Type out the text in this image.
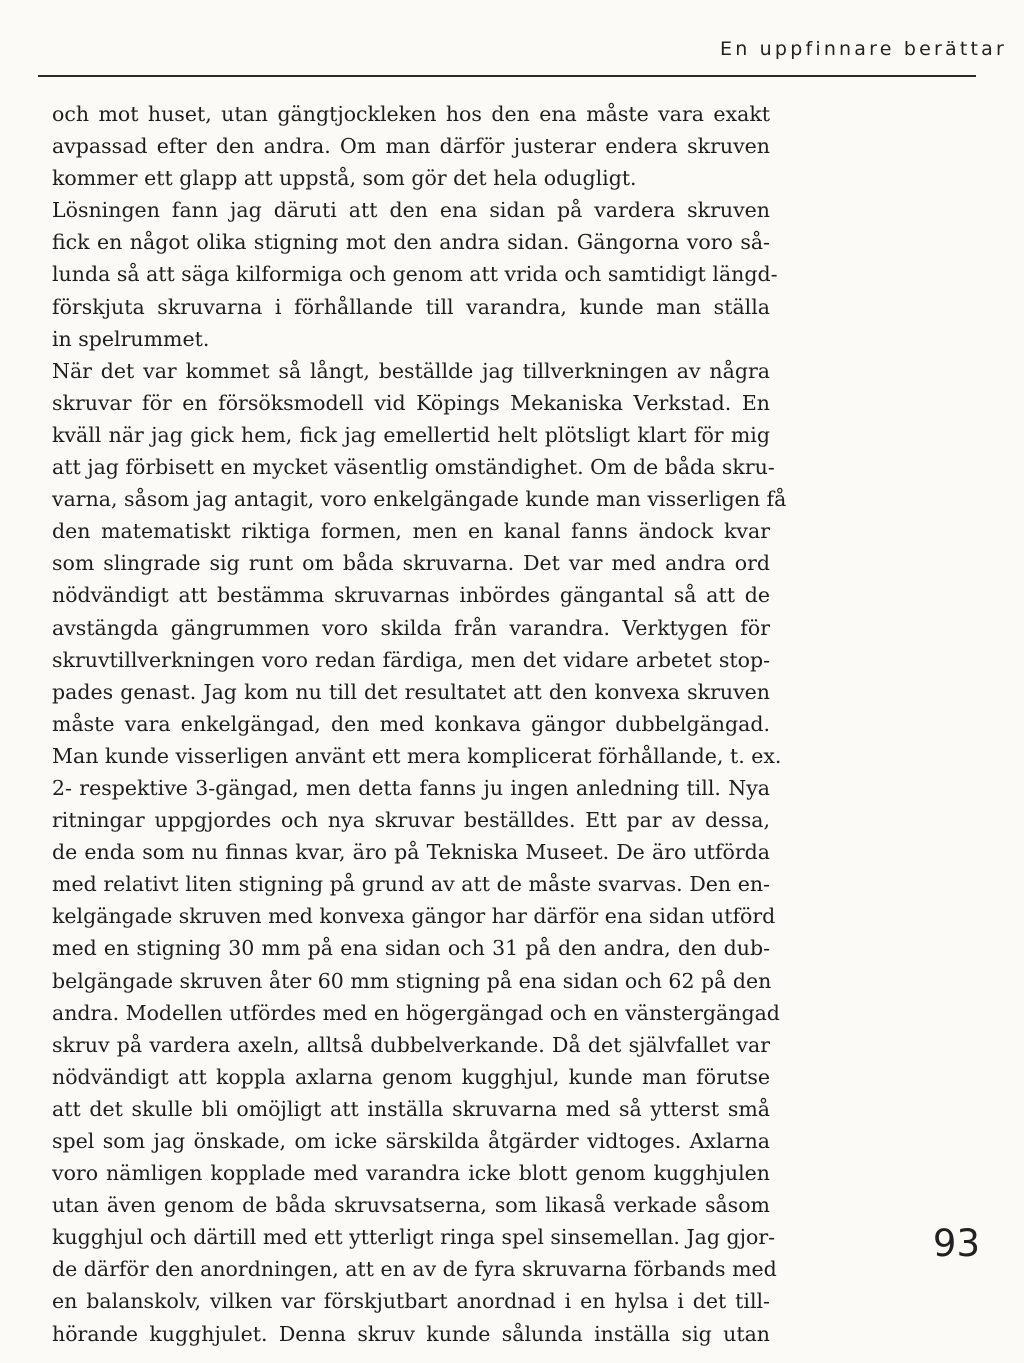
En uppfinnare berättar
och mot huset, utan gängtjockleken hos den ena måste vara exakt
avpassad efter den andra. Om man därför justerar endera skruven
kommer ett glapp att uppstå, som gör det hela odugligt.
Lösningen fann jag däruti att den ena sidan på vardera skruven
fick en något olika stigning mot den andra sidan. Gängorna voro så-
lunda så att säga kilformiga och genom att vrida och samtidigt längd-
förskjuta skruvarna i förhållande till varandra, kunde man ställa
in spelrummet.
När det var kommet så långt, beställde jag tillverkningen av några
skruvar för en försöksmodell vid Köpings Mekaniska Verkstad. En
kväll när jag gick hem, fick jag emellertid helt plötsligt klart för mig
att jag förbisett en mycket väsentlig omständighet. Om de båda skru-
varna, såsom jag antagit, voro enkelgängade kunde man visserligen få
den matematiskt riktiga formen, men en kanal fanns ändock kvar
som slingrade sig runt om båda skruvarna. Det var med andra ord
nödvändigt att bestämma skruvarnas inbördes gängantal så att de
avstängda gängrummen voro skilda från varandra. Verktygen för
skruvtillverkningen voro redan färdiga, men det vidare arbetet stop-
pades genast. Jag kom nu till det resultatet att den konvexa skruven
måste vara enkelgängad, den med konkava gängor dubbelgängad.
Man kunde visserligen använt ett mera komplicerat förhållande, t. ex.
2- respektive 3-gängad, men detta fanns ju ingen anledning till. Nya
ritningar uppgjordes och nya skruvar beställdes. Ett par av dessa,
de enda som nu finnas kvar, äro på Tekniska Museet. De äro utförda
med relativt liten stigning på grund av att de måste svarvas. Den en-
kelgängade skruven med konvexa gängor har därför ena sidan utförd
med en stigning 30 mm på ena sidan och 31 på den andra, den dub-
belgängade skruven åter 60 mm stigning på ena sidan och 62 på den
andra. Modellen utfördes med en högergängad och en vänstergängad
skruv på vardera axeln, alltså dubbelverkande. Då det självfallet var
nödvändigt att koppla axlarna genom kugghjul, kunde man förutse
att det skulle bli omöjligt att inställa skruvarna med så ytterst små
spel som jag önskade, om icke särskilda åtgärder vidtoges. Axlarna
voro nämligen kopplade med varandra icke blott genom kugghjulen
utan även genom de båda skruvsatserna, som likaså verkade såsom
kugghjul och därtill med ett ytterligt ringa spel sinsemellan. Jag gjor-
de därför den anordningen, att en av de fyra skruvarna förbands med
en balanskolv, vilken var förskjutbart anordnad i en hylsa i det till-
hörande kugghjulet. Denna skruv kunde sålunda inställa sig utan
93
